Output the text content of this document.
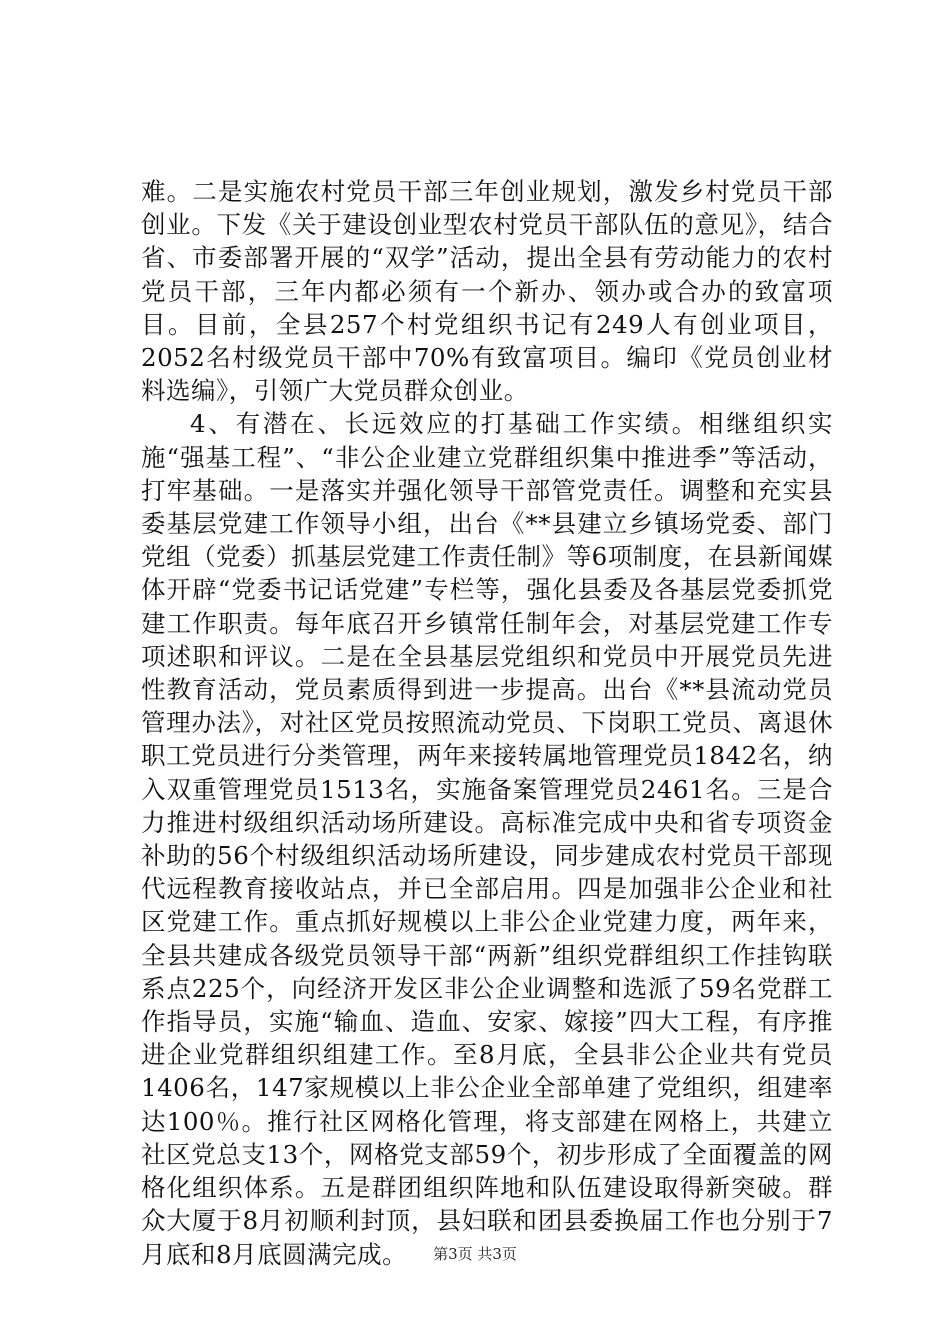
难。二是实施农村党员干部三年创业规划，激发乡村党员干部创业。下发《关于建设创业型农村党员干部队伍的意见》，结合省、市委部署开展的“双学”活动，提出全县有劳动能力的农村党员干部，三年内都必须有一个新办、领办或合办的致富项目。目前，全县257个村党组织书记有249人有创业项目，2052名村级党员干部中70%有致富项目。编印《党员创业材料选编》，引领广大党员群众创业。

4、有潜在、长远效应的打基础工作实绩。相继组织实施“强基工程”、“非公企业建立党群组织集中推进季”等活动，打牢基础。一是落实并强化领导干部管党责任。调整和充实县委基层党建工作领导小组，出台《**县建立乡镇场党委、部门党组（党委）抓基层党建工作责任制》等6项制度，在县新闻媒体开辟“党委书记话党建”专栏等，强化县委及各基层党委抓党建工作职责。每年底召开乡镇常任制年会，对基层党建工作专项述职和评议。二是在全县基层党组织和党员中开展党员先进性教育活动，党员素质得到进一步提高。出台《**县流动党员管理办法》，对社区党员按照流动党员、下岗职工党员、离退休职工党员进行分类管理，两年来接转属地管理党员1842名，纳入双重管理党员1513名，实施备案管理党员2461名。三是合力推进村级组织活动场所建设。高标准完成中央和省专项资金补助的56个村级组织活动场所建设，同步建成农村党员干部现代远程教育接收站点，并已全部启用。四是加强非公企业和社区党建工作。重点抓好规模以上非公企业党建力度，两年来，全县共建成各级党员领导干部“两新”组织党群组织工作挂钩联系点225个，向经济开发区非公企业调整和选派了59名党群工作指导员，实施“输血、造血、安家、嫁接”四大工程，有序推进企业党群组织组建工作。至8月底，全县非公企业共有党员1406名，147家规模以上非公企业全部单建了党组织，组建率达100％。推行社区网格化管理，将支部建在网格上，共建立社区党总支13个，网格党支部59个，初步形成了全面覆盖的网格化组织体系。五是群团组织阵地和队伍建设取得新突破。群众大厦于8月初顺利封顶，县妇联和团县委换届工作也分别于7月底和8月底圆满完成。	第3页 共3页
